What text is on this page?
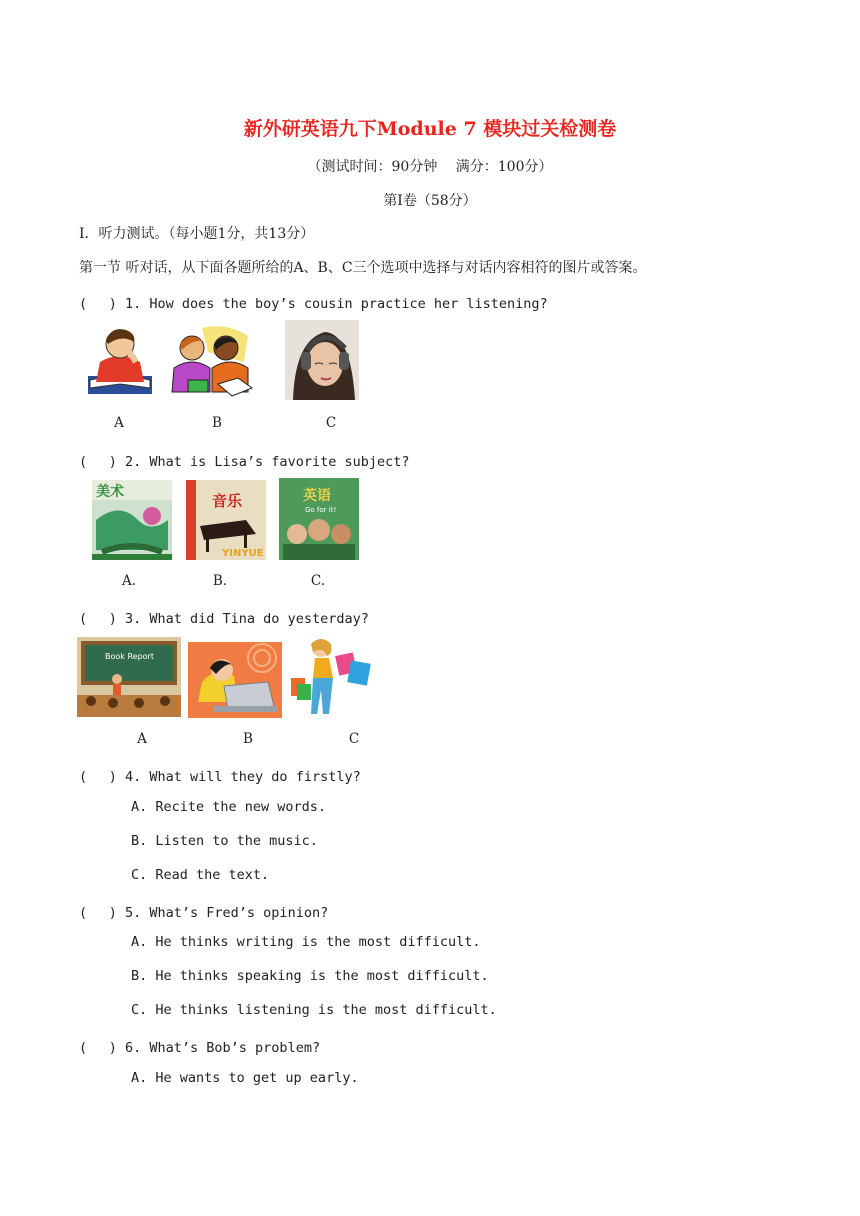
新外研英语九下Module 7 模块过关检测卷
（测试时间：90分钟　 满分：100分）
第Ⅰ卷（58分）
Ⅰ．听力测试。（每小题1分，共13分）
第一节 听对话，从下面各题所给的A、B、C三个选项中选择与对话内容相符的图片或答案。
(　 ) 1. How does the boy’s cousin practice her listening?
A	B	C
(　 ) 2. What is Lisa’s favorite subject?
美术	音乐
YINYUE
英语
Go for it!
A.	B.	C.
(　 ) 3. What did Tina do yesterday?
Book Report
A	B	C
(　 ) 4. What will they do firstly?
A. Recite the new words.
B. Listen to the music.
C. Read the text.
(　 ) 5. What’s Fred’s opinion?
A. He thinks writing is the most difficult.
B. He thinks speaking is the most difficult.
C. He thinks listening is the most difficult.
(　 ) 6. What’s Bob’s problem?
A. He wants to get up early.
